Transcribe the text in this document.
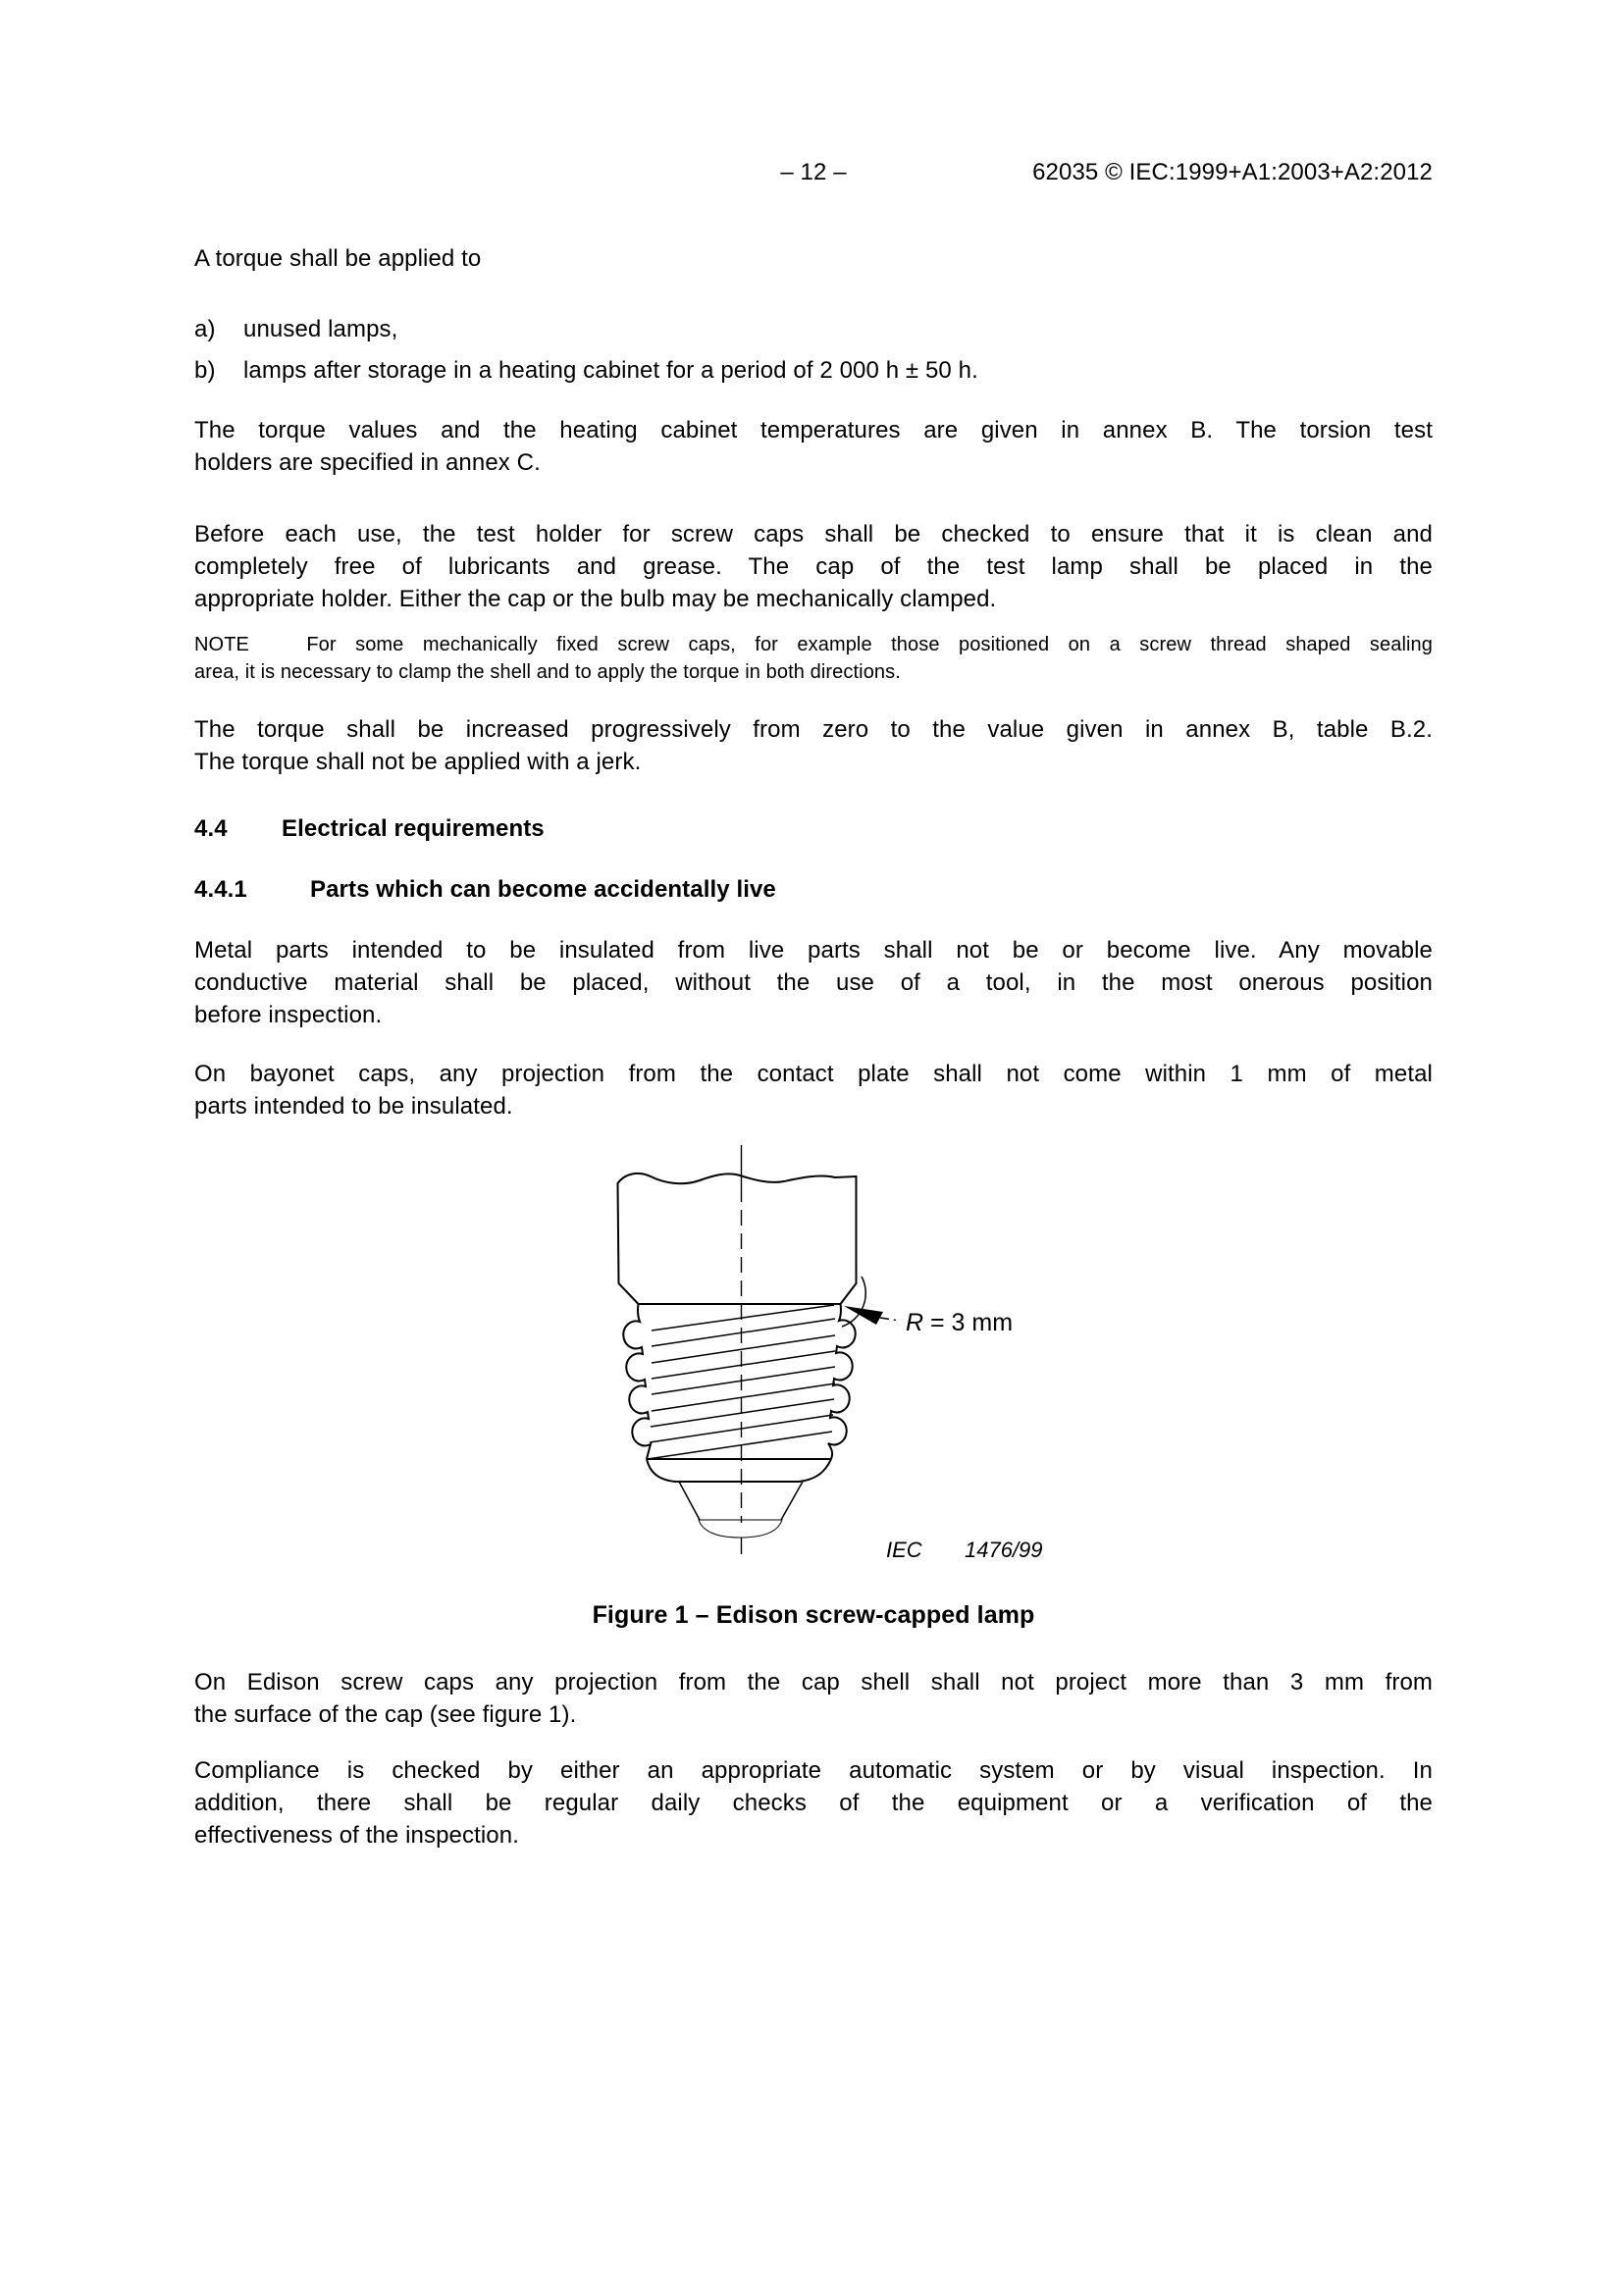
– 12 –	62035 © IEC:1999+A1:2003+A2:2012
A torque shall be applied to
a)	unused lamps,
b)	lamps after storage in a heating cabinet for a period of 2 000 h ± 50 h.
The torque values and the heating cabinet temperatures are given in annex B. The torsion test
holders are specified in annex C.
Before each use, the test holder for screw caps shall be checked to ensure that it is clean and
completely free of lubricants and grease. The cap of the test lamp shall be placed in the
appropriate holder. Either the cap or the bulb may be mechanically clamped.
NOTE   For some mechanically fixed screw caps, for example those positioned on a screw thread shaped sealing
area, it is necessary to clamp the shell and to apply the torque in both directions.
The torque shall be increased progressively from zero to the value given in annex B, table B.2.
The torque shall not be applied with a jerk.
4.4 Electrical requirements
4.4.1	Parts which can become accidentally live
Metal parts intended to be insulated from live parts shall not be or become live. Any movable
conductive material shall be placed, without the use of a tool, in the most onerous position
before inspection.
On bayonet caps, any projection from the contact plate shall not come within 1 mm of metal
parts intended to be insulated.
R = 3 mm
IEC 1476/99
Figure 1 – Edison screw-capped lamp
On Edison screw caps any projection from the cap shell shall not project more than 3 mm from
the surface of the cap (see figure 1).
Compliance is checked by either an appropriate automatic system or by visual inspection. In
addition, there shall be regular daily checks of the equipment or a verification of the
effectiveness of the inspection.
